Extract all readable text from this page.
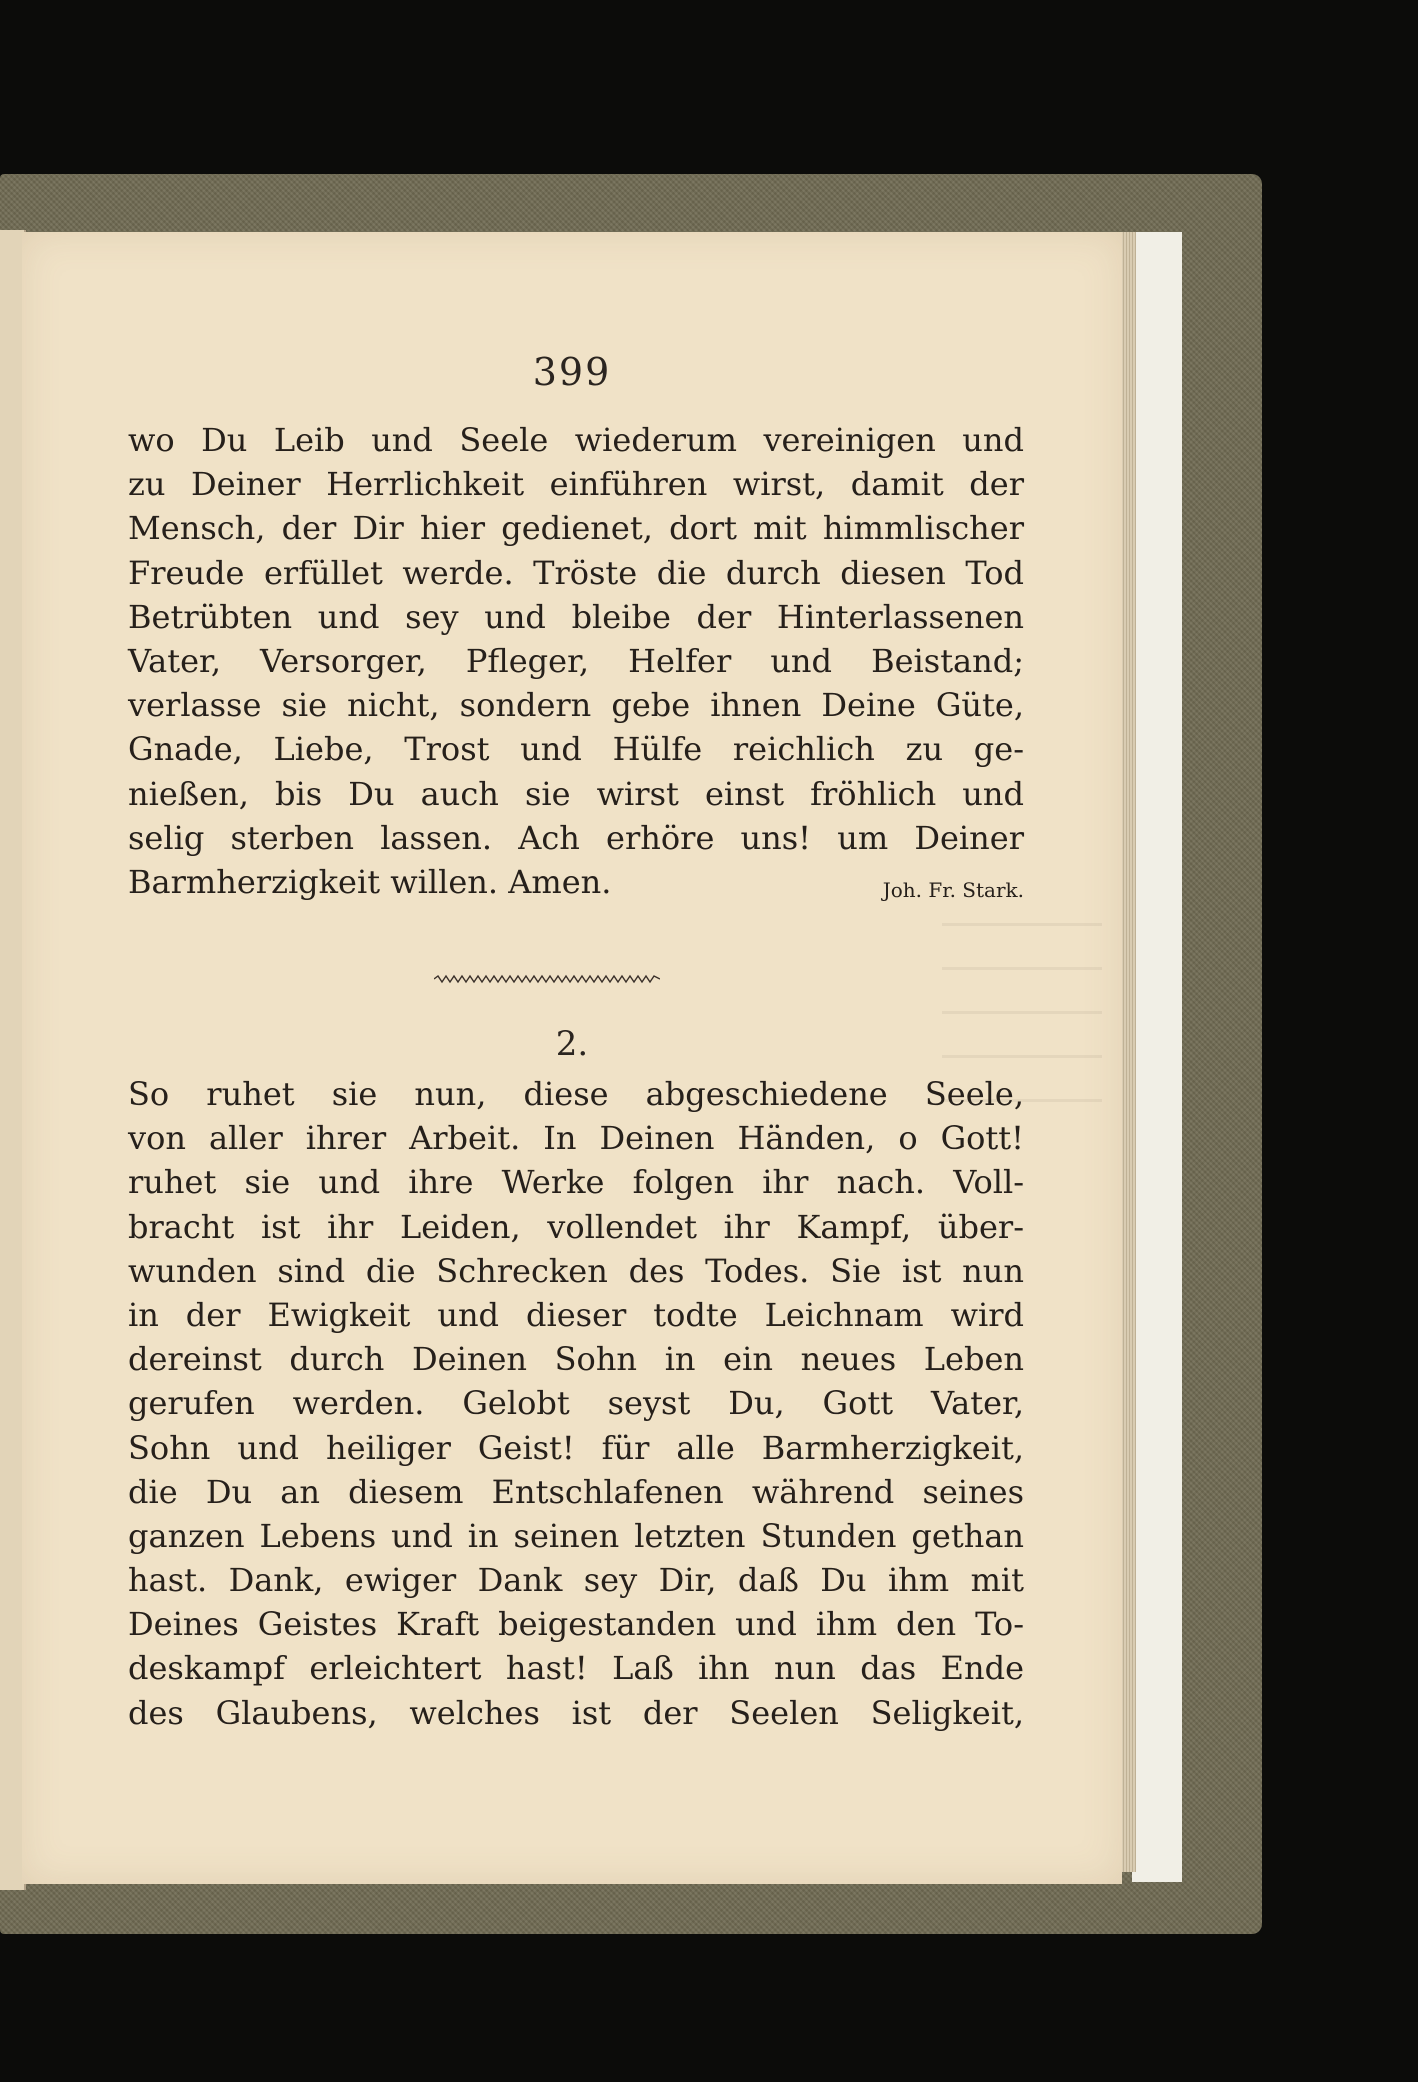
399
wo Du Leib und Seele wiederum vereinigen und
zu Deiner Herrlichkeit einführen wirst, damit der
Mensch, der Dir hier gedienet, dort mit himmlischer
Freude erfüllet werde. Tröste die durch diesen Tod
Betrübten und sey und bleibe der Hinterlassenen
Vater, Versorger, Pfleger, Helfer und Beistand;
verlasse sie nicht, sondern gebe ihnen Deine Güte,
Gnade, Liebe, Trost und Hülfe reichlich zu ge-
nießen, bis Du auch sie wirst einst fröhlich und
selig sterben lassen. Ach erhöre uns! um Deiner
Barmherzigkeit willen. Amen.	Joh. Fr. Stark.
2.
So ruhet sie nun, diese abgeschiedene Seele,
von aller ihrer Arbeit. In Deinen Händen, o Gott!
ruhet sie und ihre Werke folgen ihr nach. Voll-
bracht ist ihr Leiden, vollendet ihr Kampf, über-
wunden sind die Schrecken des Todes. Sie ist nun
in der Ewigkeit und dieser todte Leichnam wird
dereinst durch Deinen Sohn in ein neues Leben
gerufen werden. Gelobt seyst Du, Gott Vater,
Sohn und heiliger Geist! für alle Barmherzigkeit,
die Du an diesem Entschlafenen während seines
ganzen Lebens und in seinen letzten Stunden gethan
hast. Dank, ewiger Dank sey Dir, daß Du ihm mit
Deines Geistes Kraft beigestanden und ihm den To-
deskampf erleichtert hast! Laß ihn nun das Ende
des Glaubens, welches ist der Seelen Seligkeit,
